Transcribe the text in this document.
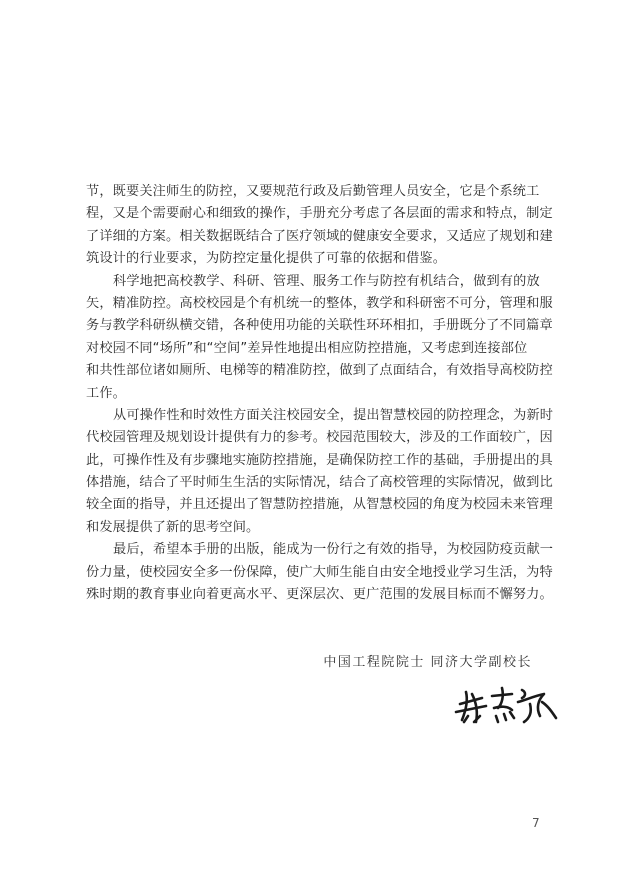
节，既要关注师生的防控，又要规范行政及后勤管理人员安全，它是个系统工
程，又是个需要耐心和细致的操作，手册充分考虑了各层面的需求和特点，制定
了详细的方案。相关数据既结合了医疗领域的健康安全要求，又适应了规划和建
筑设计的行业要求，为防控定量化提供了可靠的依据和借鉴。
科学地把高校教学、科研、管理、服务工作与防控有机结合，做到有的放
矢，精准防控。高校校园是个有机统一的整体，教学和科研密不可分，管理和服
务与教学科研纵横交错，各种使用功能的关联性环环相扣，手册既分了不同篇章
对校园不同“场所”和“空间”差异性地提出相应防控措施，又考虑到连接部位
和共性部位诸如厕所、电梯等的精准防控，做到了点面结合，有效指导高校防控
工作。
从可操作性和时效性方面关注校园安全，提出智慧校园的防控理念，为新时
代校园管理及规划设计提供有力的参考。校园范围较大，涉及的工作面较广，因
此，可操作性及有步骤地实施防控措施，是确保防控工作的基础，手册提出的具
体措施，结合了平时师生生活的实际情况，结合了高校管理的实际情况，做到比
较全面的指导，并且还提出了智慧防控措施，从智慧校园的角度为校园未来管理
和发展提供了新的思考空间。
最后，希望本手册的出版，能成为一份行之有效的指导，为校园防疫贡献一
份力量，使校园安全多一份保障，使广大师生能自由安全地授业学习生活，为特
殊时期的教育事业向着更高水平、更深层次、更广范围的发展目标而不懈努力。
中国工程院院士 同济大学副校长
7
